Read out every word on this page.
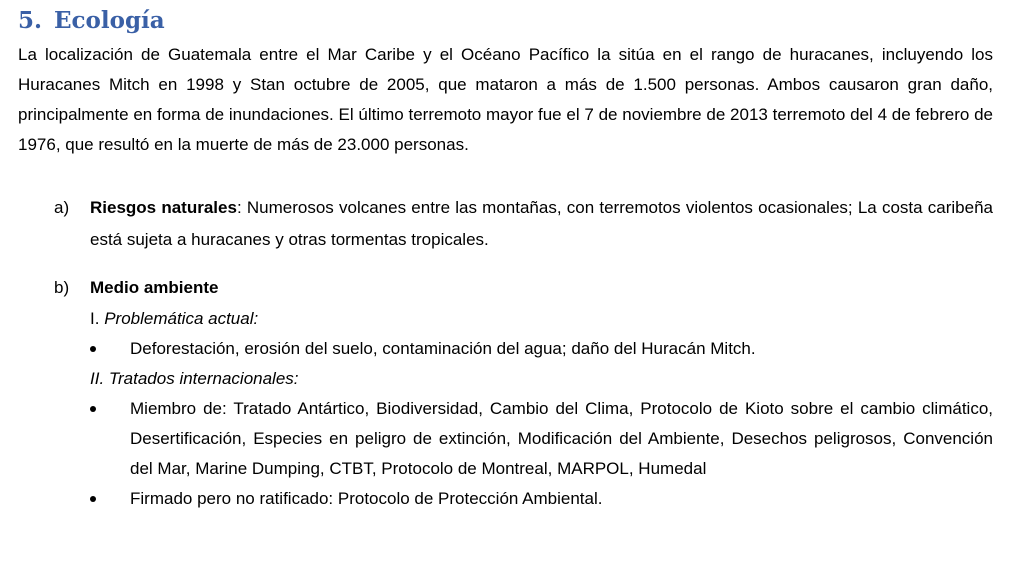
5. Ecología

La localización de Guatemala entre el Mar Caribe y el Océano Pacífico la sitúa en el rango de huracanes, incluyendo los Huracanes Mitch en 1998 y Stan octubre de 2005, que mataron a más de 1.500 personas. Ambos causaron gran daño, principalmente en forma de inundaciones. El último terremoto mayor fue el 7 de noviembre de 2013 terremoto del 4 de febrero de 1976, que resultó en la muerte de más de 23.000 personas.

a) Riesgos naturales: Numerosos volcanes entre las montañas, con terremotos violentos ocasionales; La costa caribeña está sujeta a huracanes y otras tormentas tropicales.

b) Medio ambiente

I. Problemática actual:

Deforestación, erosión del suelo, contaminación del agua; daño del Huracán Mitch.

II. Tratados internacionales:

Miembro de: Tratado Antártico, Biodiversidad, Cambio del Clima, Protocolo de Kioto sobre el cambio climático, Desertificación, Especies en peligro de extinción, Modificación del Ambiente, Desechos peligrosos, Convención del Mar, Marine Dumping, CTBT, Protocolo de Montreal, MARPOL, Humedal
Firmado pero no ratificado: Protocolo de Protección Ambiental.
